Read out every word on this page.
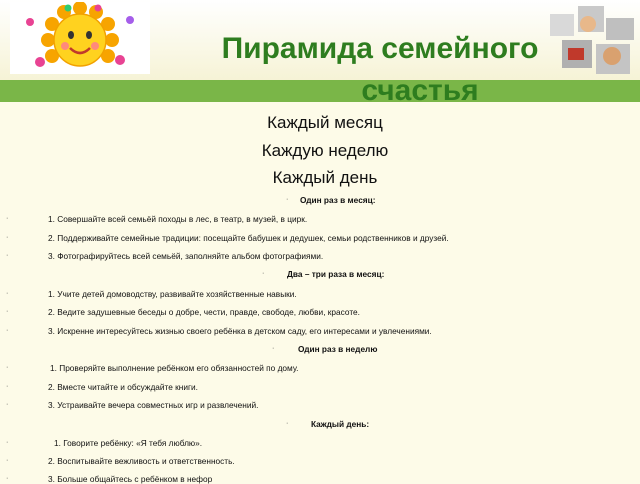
Пирамида семейного
счастья
Каждый месяц
Каждую неделю
Каждый день
· Один раз в месяц:
·	1. Совершайте всей семьёй походы в лес, в театр, в музей, в цирк.
·	2. Поддерживайте семейные традиции: посещайте бабушек и дедушек, семьи родственников и друзей.
·	3. Фотографируйтесь всей семьёй, заполняйте альбом фотографиями.
·	Два – три раза в месяц:
·	1. Учите детей домоводству, развивайте хозяйственные навыки.
·	2. Ведите задушевные беседы о добре, чести, правде, свободе, любви, красоте.
·	3. Искренне интересуйтесь жизнью своего ребёнка в детском саду, его интересами и увлечениями.
·	Один раз в неделю
·	1. Проверяйте выполнение ребёнком его обязанностей по дому.
·	2. Вместе читайте и обсуждайте книги.
·	3. Устраивайте вечера совместных игр и развлечений.
·	Каждый день:
·	1. Говорите ребёнку: «Я тебя люблю».
·	2. Воспитывайте вежливость и ответственность.
·	3. Больше общайтесь с ребёнком в нефор
